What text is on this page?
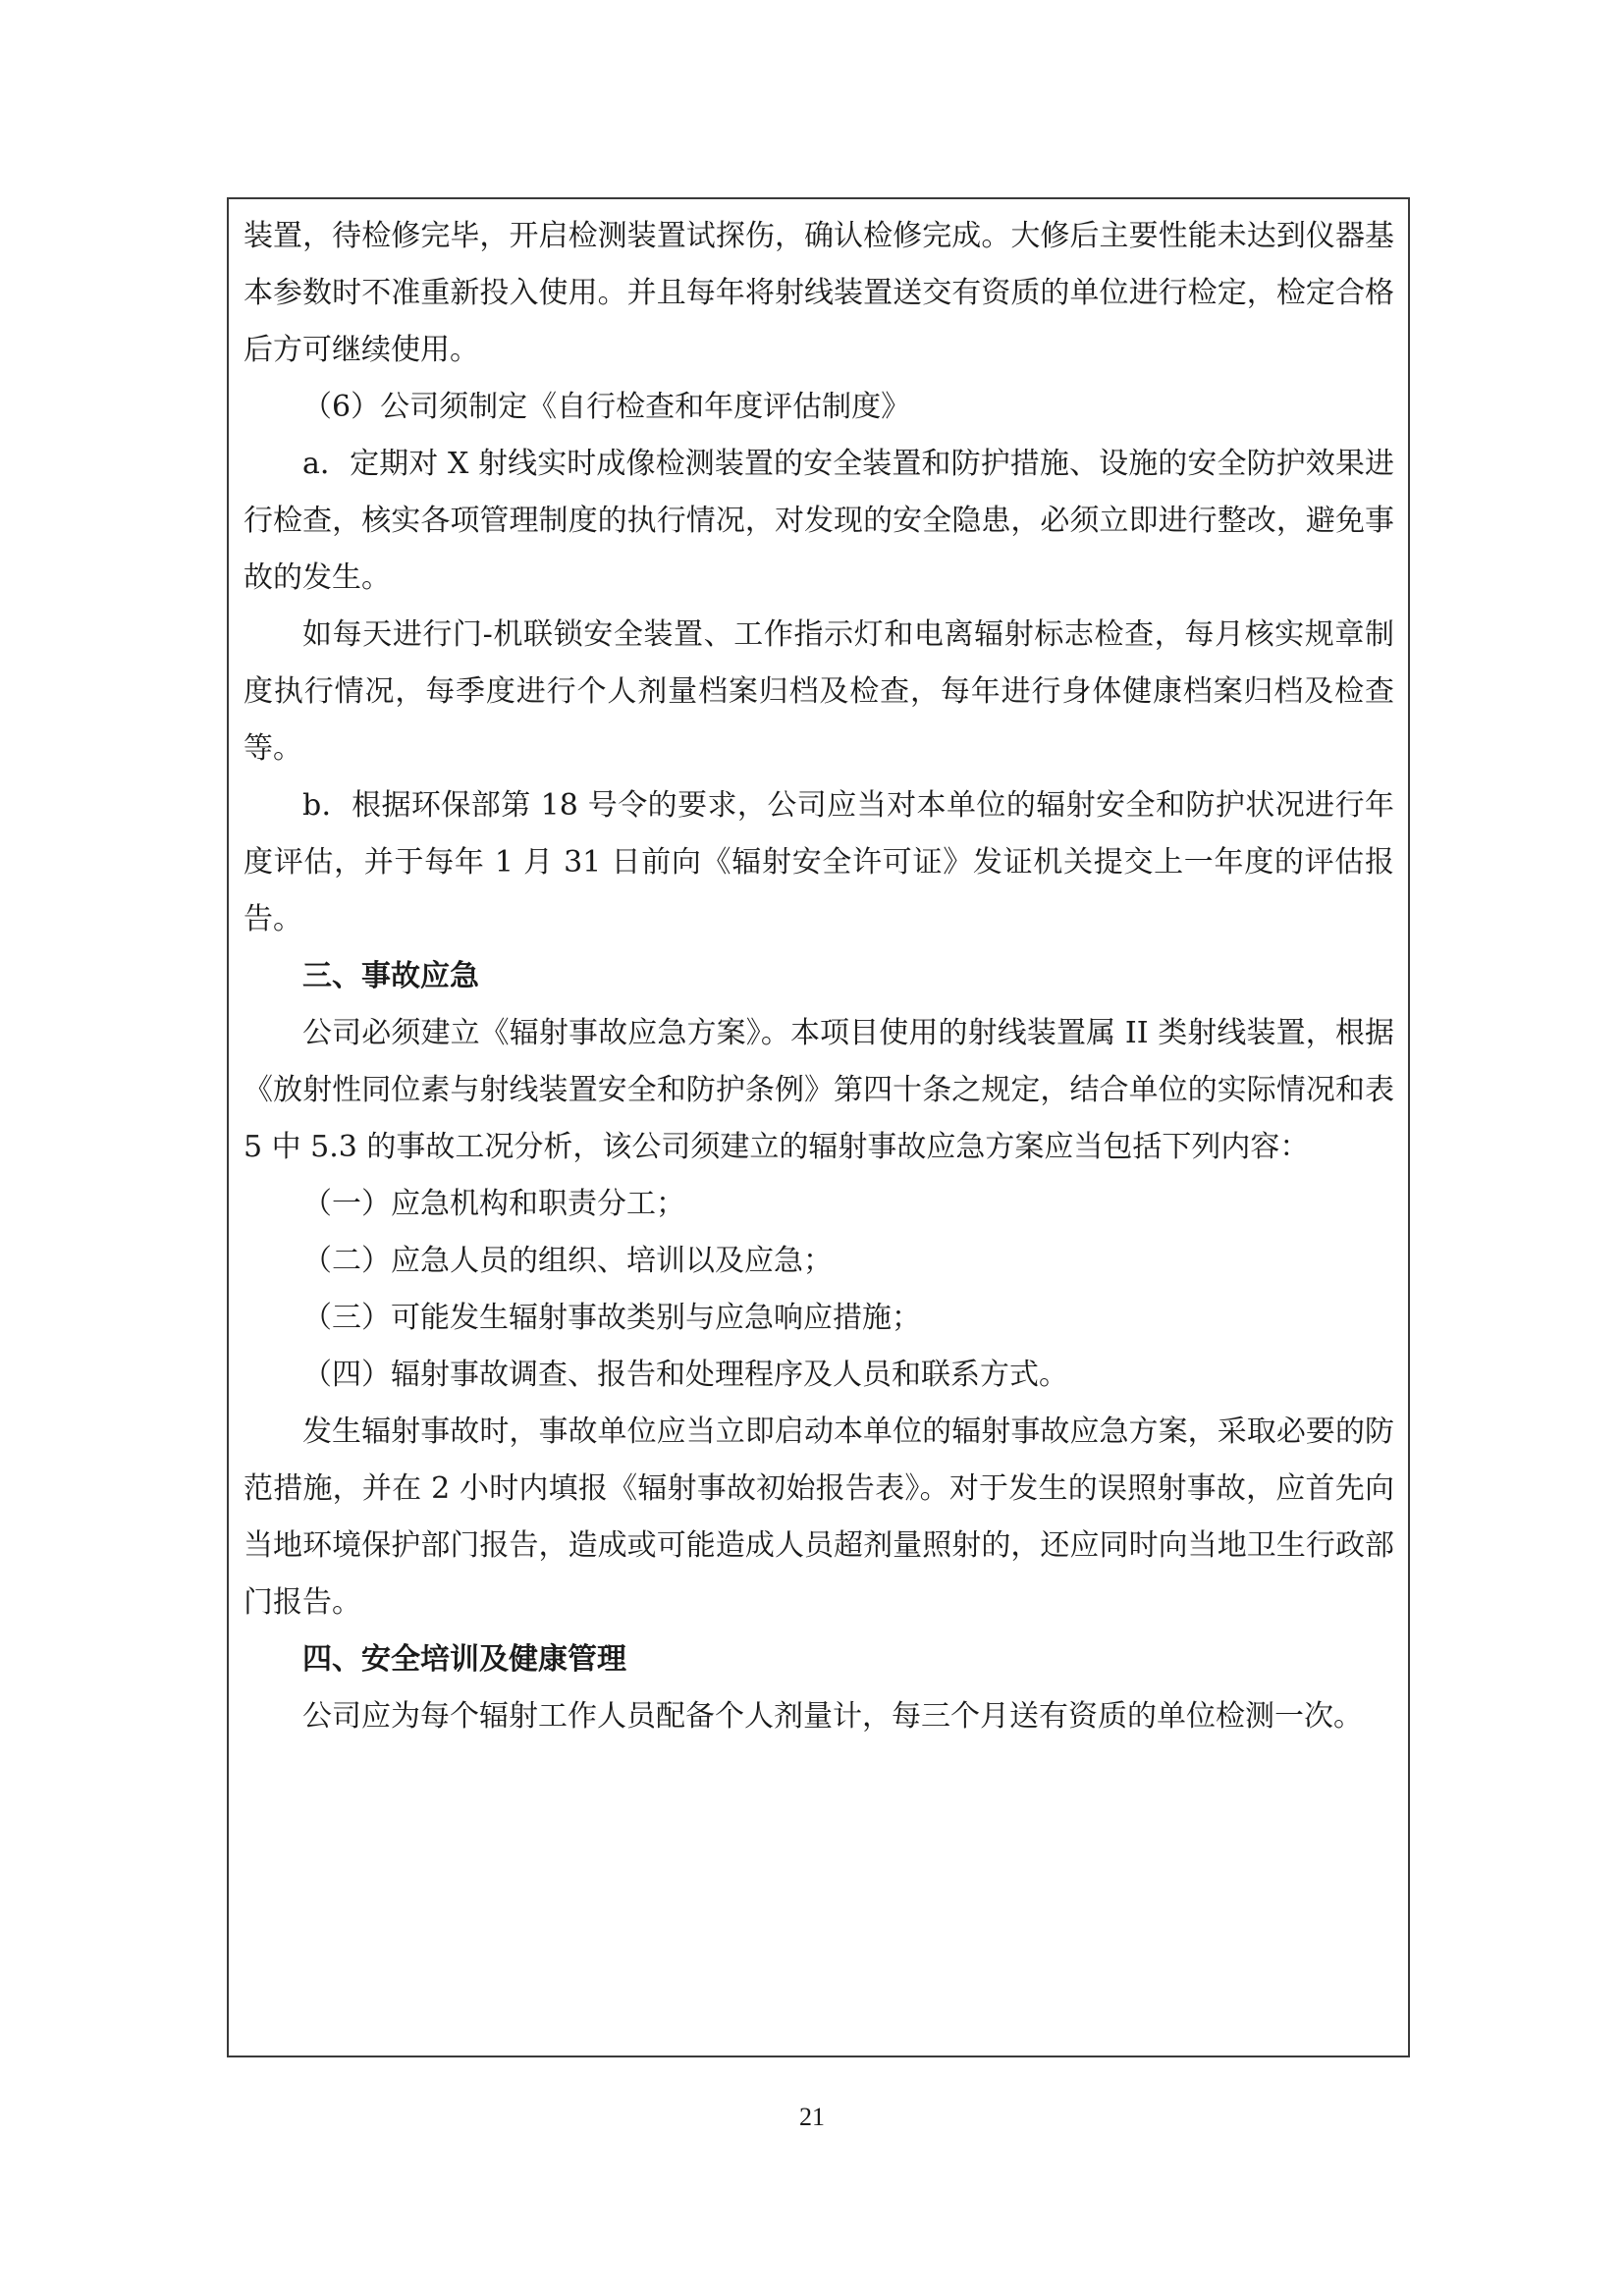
装置，待检修完毕，开启检测装置试探伤，确认检修完成。大修后主要性能未达到仪器基本参数时不准重新投入使用。并且每年将射线装置送交有资质的单位进行检定，检定合格后方可继续使用。

（6）公司须制定《自行检查和年度评估制度》

a．定期对 X 射线实时成像检测装置的安全装置和防护措施、设施的安全防护效果进行检查，核实各项管理制度的执行情况，对发现的安全隐患，必须立即进行整改，避免事故的发生。

如每天进行门-机联锁安全装置、工作指示灯和电离辐射标志检查，每月核实规章制度执行情况，每季度进行个人剂量档案归档及检查，每年进行身体健康档案归档及检查等。

b．根据环保部第 18 号令的要求，公司应当对本单位的辐射安全和防护状况进行年度评估，并于每年 1 月 31 日前向《辐射安全许可证》发证机关提交上一年度的评估报告。

三、事故应急

公司必须建立《辐射事故应急方案》。本项目使用的射线装置属 II 类射线装置，根据《放射性同位素与射线装置安全和防护条例》第四十条之规定，结合单位的实际情况和表 5 中 5.3 的事故工况分析，该公司须建立的辐射事故应急方案应当包括下列内容：

（一）应急机构和职责分工；

（二）应急人员的组织、培训以及应急；

（三）可能发生辐射事故类别与应急响应措施；

（四）辐射事故调查、报告和处理程序及人员和联系方式。

发生辐射事故时，事故单位应当立即启动本单位的辐射事故应急方案，采取必要的防范措施，并在 2 小时内填报《辐射事故初始报告表》。对于发生的误照射事故，应首先向当地环境保护部门报告，造成或可能造成人员超剂量照射的，还应同时向当地卫生行政部门报告。

四、安全培训及健康管理

公司应为每个辐射工作人员配备个人剂量计，每三个月送有资质的单位检测一次。

21
